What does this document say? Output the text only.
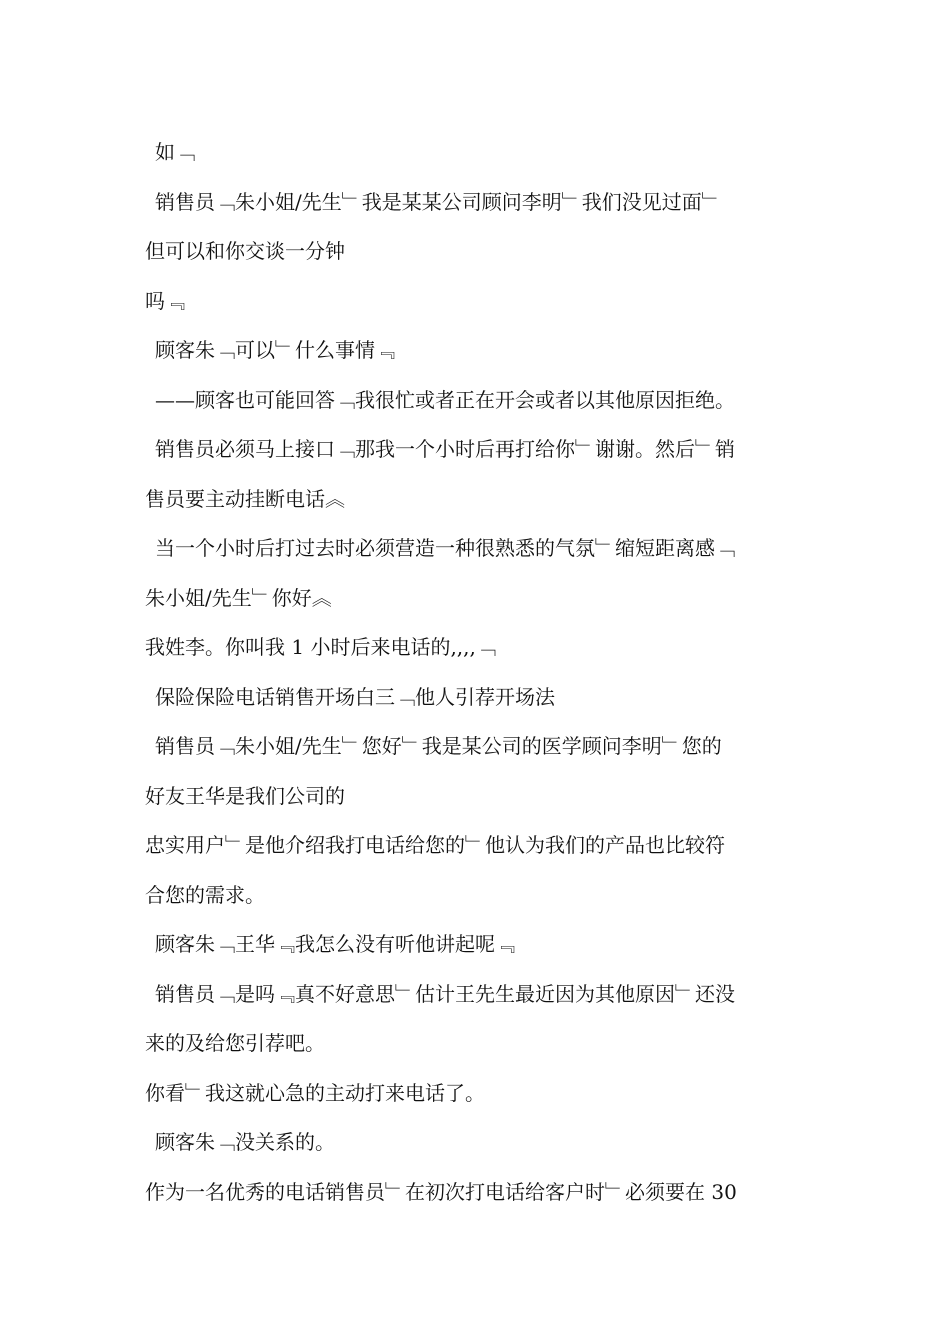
如﹁
销售员﹁朱小姐/先生﹂我是某某公司顾问李明﹂我们没见过面﹂
但可以和你交谈一分钟
吗﹃
顾客朱﹁可以﹂什么事情﹃
——顾客也可能回答﹁我很忙或者正在开会或者以其他原因拒绝。
销售员必须马上接口﹁那我一个小时后再打给你﹂谢谢。然后﹂销
售员要主动挂断电话︽
当一个小时后打过去时必须营造一种很熟悉的气氛﹂缩短距离感﹁
朱小姐/先生﹂你好︽
我姓李。你叫我 1 小时后来电话的,,,,﹁
保险保险电话销售开场白三﹁他人引荐开场法
销售员﹁朱小姐/先生﹂您好﹂我是某公司的医学顾问李明﹂您的
好友王华是我们公司的
忠实用户﹂是他介绍我打电话给您的﹂他认为我们的产品也比较符
合您的需求。
顾客朱﹁王华﹃我怎么没有听他讲起呢﹃
销售员﹁是吗﹃真不好意思﹂估计王先生最近因为其他原因﹂还没
来的及给您引荐吧。
你看﹂我这就心急的主动打来电话了。
顾客朱﹁没关系的。
作为一名优秀的电话销售员﹂在初次打电话给客户时﹂必须要在 30
